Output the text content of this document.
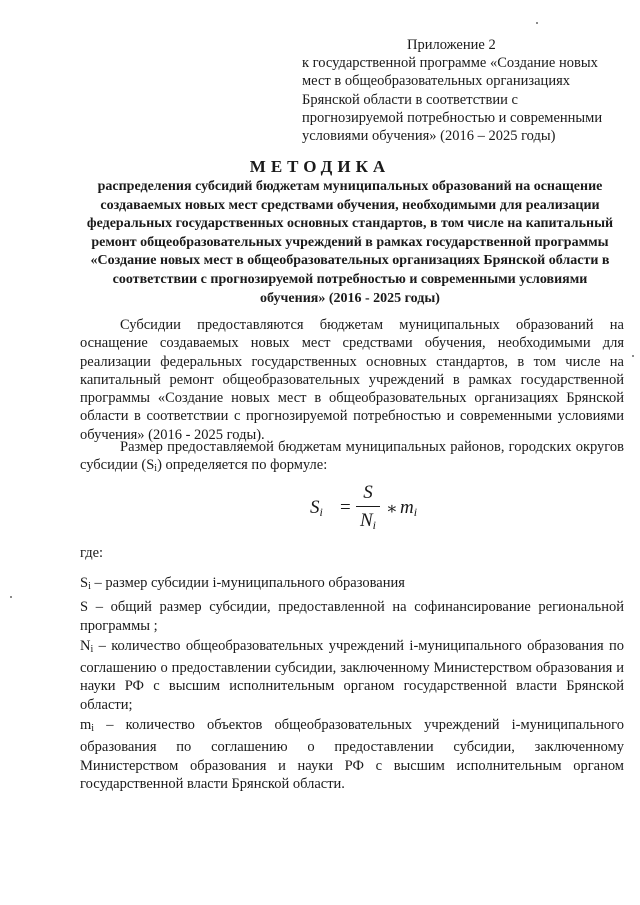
Приложение 2
к государственной программе «Создание новых мест в общеобразовательных организациях Брянской области в соответствии с прогнозируемой потребностью и современными условиями обучения» (2016 – 2025 годы)
МЕТОДИКА
распределения субсидий бюджетам муниципальных образований на оснащение создаваемых новых мест средствами обучения, необходимыми для реализации федеральных государственных основных стандартов, в том числе на капитальный ремонт общеобразовательных учреждений в рамках государственной программы «Создание новых мест в общеобразовательных организациях Брянской области в соответствии с прогнозируемой потребностью и современными условиями обучения» (2016 - 2025 годы)
Субсидии предоставляются бюджетам муниципальных образований на оснащение создаваемых новых мест средствами обучения, необходимыми для реализации федеральных государственных основных стандартов, в том числе на капитальный ремонт общеобразовательных учреждений в рамках государственной программы «Создание новых мест в общеобразовательных организациях Брянской области в соответствии с прогнозируемой потребностью и современными условиями обучения» (2016 - 2025 годы).
Размер предоставляемой бюджетам муниципальных районов, городских округов субсидии $(S_i)$ определяется по формуле:
$S_i$ =
S
$N_i$
∗ $m_i$
где:
$S_i$ – размер субсидии i-муниципального образования
S – общий размер субсидии, предоставленной на софинансирование региональной программы ;
$N_i$ – количество общеобразовательных учреждений i-муниципального образования по соглашению о предоставлении субсидии, заключенному Министерством образования и науки РФ с высшим исполнительным органом государственной власти Брянской области;
$m_i$ – количество объектов общеобразовательных учреждений i-муниципального образования по соглашению о предоставлении субсидии, заключенному Министерством образования и науки РФ с высшим исполнительным органом государственной власти Брянской области.
